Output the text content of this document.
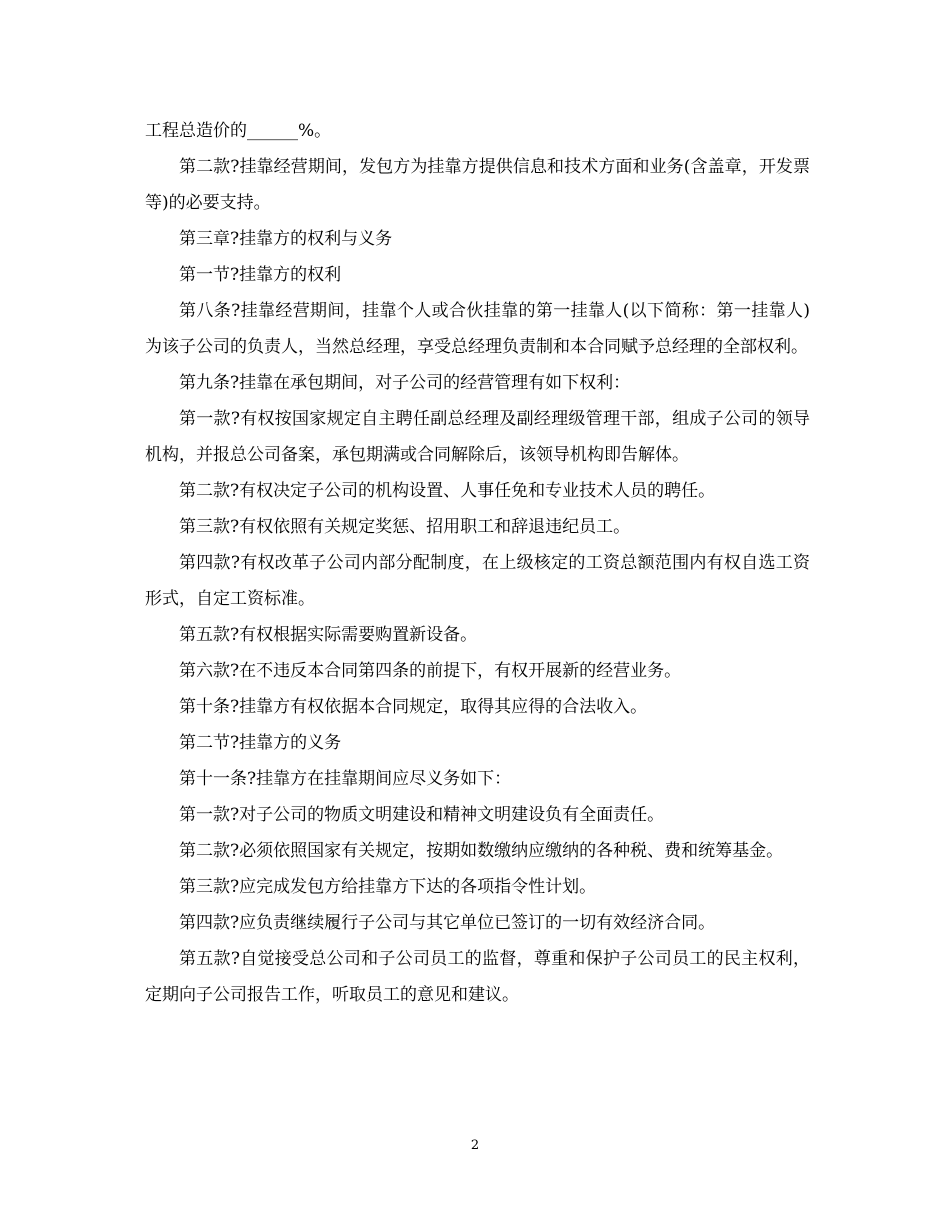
工程总造价的______%。

第二款?挂靠经营期间，发包方为挂靠方提供信息和技术方面和业务(含盖章，开发票等)的必要支持。

第三章?挂靠方的权利与义务

第一节?挂靠方的权利

第八条?挂靠经营期间，挂靠个人或合伙挂靠的第一挂靠人(以下简称：第一挂靠人)为该子公司的负责人，当然总经理，享受总经理负责制和本合同赋予总经理的全部权利。

第九条?挂靠在承包期间，对子公司的经营管理有如下权利：

第一款?有权按国家规定自主聘任副总经理及副经理级管理干部，组成子公司的领导机构，并报总公司备案，承包期满或合同解除后，该领导机构即告解体。

第二款?有权决定子公司的机构设置、人事任免和专业技术人员的聘任。

第三款?有权依照有关规定奖惩、招用职工和辞退违纪员工。

第四款?有权改革子公司内部分配制度，在上级核定的工资总额范围内有权自选工资形式，自定工资标准。

第五款?有权根据实际需要购置新设备。

第六款?在不违反本合同第四条的前提下，有权开展新的经营业务。

第十条?挂靠方有权依据本合同规定，取得其应得的合法收入。

第二节?挂靠方的义务

第十一条?挂靠方在挂靠期间应尽义务如下：

第一款?对子公司的物质文明建设和精神文明建设负有全面责任。

第二款?必须依照国家有关规定，按期如数缴纳应缴纳的各种税、费和统筹基金。

第三款?应完成发包方给挂靠方下达的各项指令性计划。

第四款?应负责继续履行子公司与其它单位已签订的一切有效经济合同。

第五款?自觉接受总公司和子公司员工的监督，尊重和保护子公司员工的民主权利，定期向子公司报告工作，听取员工的意见和建议。

2
